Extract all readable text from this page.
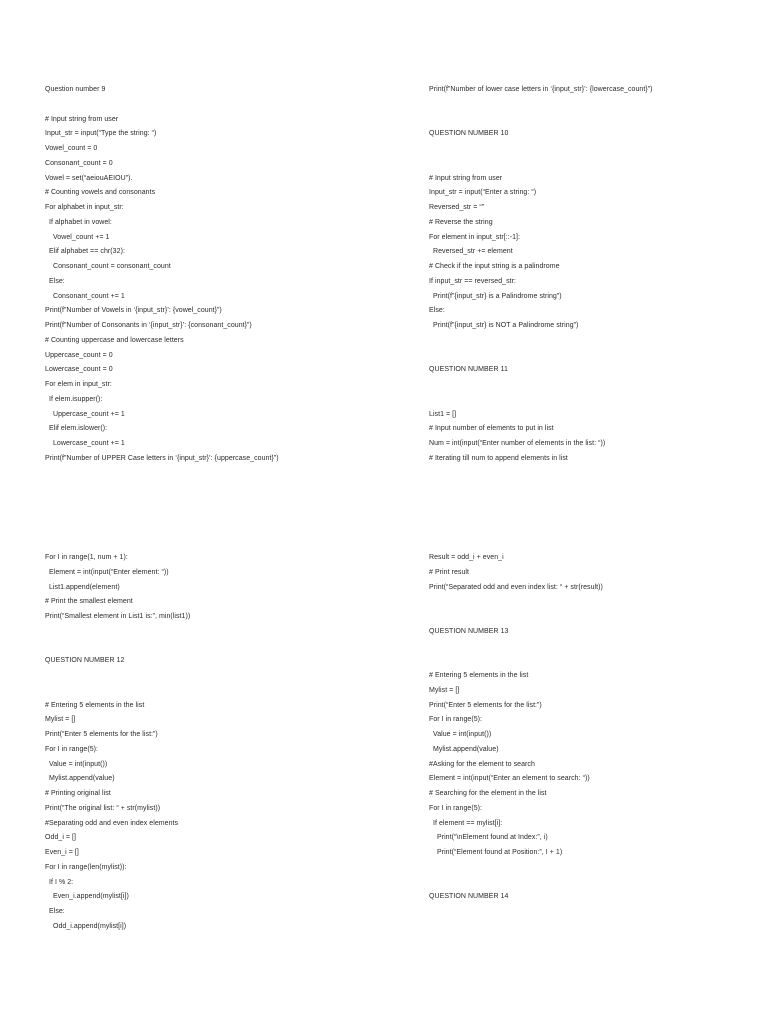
Question number 9
# Input string from user
Input_str = input(“Type the string: “)
Vowel_count = 0
Consonant_count = 0
Vowel = set(“aeiouAEIOU”).
# Counting vowels and consonants
For alphabet in input_str:
If alphabet in vowel:
Vowel_count += 1
Elif alphabet == chr(32):
Consonant_count = consonant_count
Else:
Consonant_count += 1
Print(f”Number of Vowels in ‘{input_str}’: {vowel_count}”)
Print(f”Number of Consonants in ‘{input_str}’: {consonant_count}”)
# Counting uppercase and lowercase letters
Uppercase_count = 0
Lowercase_count = 0
For elem in input_str:
If elem.isupper():
Uppercase_count += 1
Elif elem.islower():
Lowercase_count += 1
Print(f”Number of UPPER Case letters in ‘{input_str}’: {uppercase_count}”)
For I in range(1, num + 1):
Element = int(input(“Enter element: “))
List1.append(element)
# Print the smallest element
Print(“Smallest element in List1 is:”, min(list1))
QUESTION NUMBER 12
# Entering 5 elements in the list
Mylist = []
Print(“Enter 5 elements for the list:”)
For I in range(5):
Value = int(input())
Mylist.append(value)
# Printing original list
Print(“The original list: “ + str(mylist))
#Separating odd and even index elements
Odd_i = []
Even_i = []
For I in range(len(mylist)):
If I % 2:
Even_i.append(mylist[i])
Else:
Odd_i.append(mylist[i])
Print(f”Number of lower case letters in ‘{input_str}’: {lowercase_count}”)
QUESTION NUMBER 10
# Input string from user
Input_str = input(“Enter a string: “)
Reversed_str = “”
# Reverse the string
For element in input_str[::-1]:
Reversed_str += element
# Check if the input string is a palindrome
If input_str == reversed_str:
Print(f”{input_str} is a Palindrome string”)
Else:
Print(f”{input_str} is NOT a Palindrome string”)
QUESTION NUMBER 11
List1 = []
# Input number of elements to put in list
Num = int(input(“Enter number of elements in the list: “))
# Iterating till num to append elements in list
Result = odd_i + even_i
# Print result
Print(“Separated odd and even index list: “ + str(result))
QUESTION NUMBER 13
# Entering 5 elements in the list
Mylist = []
Print(“Enter 5 elements for the list:”)
For I in range(5):
Value = int(input())
Mylist.append(value)
#Asking for the element to search
Element = int(input(“Enter an element to search: “))
# Searching for the element in the list
For I in range(5):
If element == mylist[i]:
Print(“\nElement found at Index:”, i)
Print(“Element found at Position:”, I + 1)
QUESTION NUMBER 14
